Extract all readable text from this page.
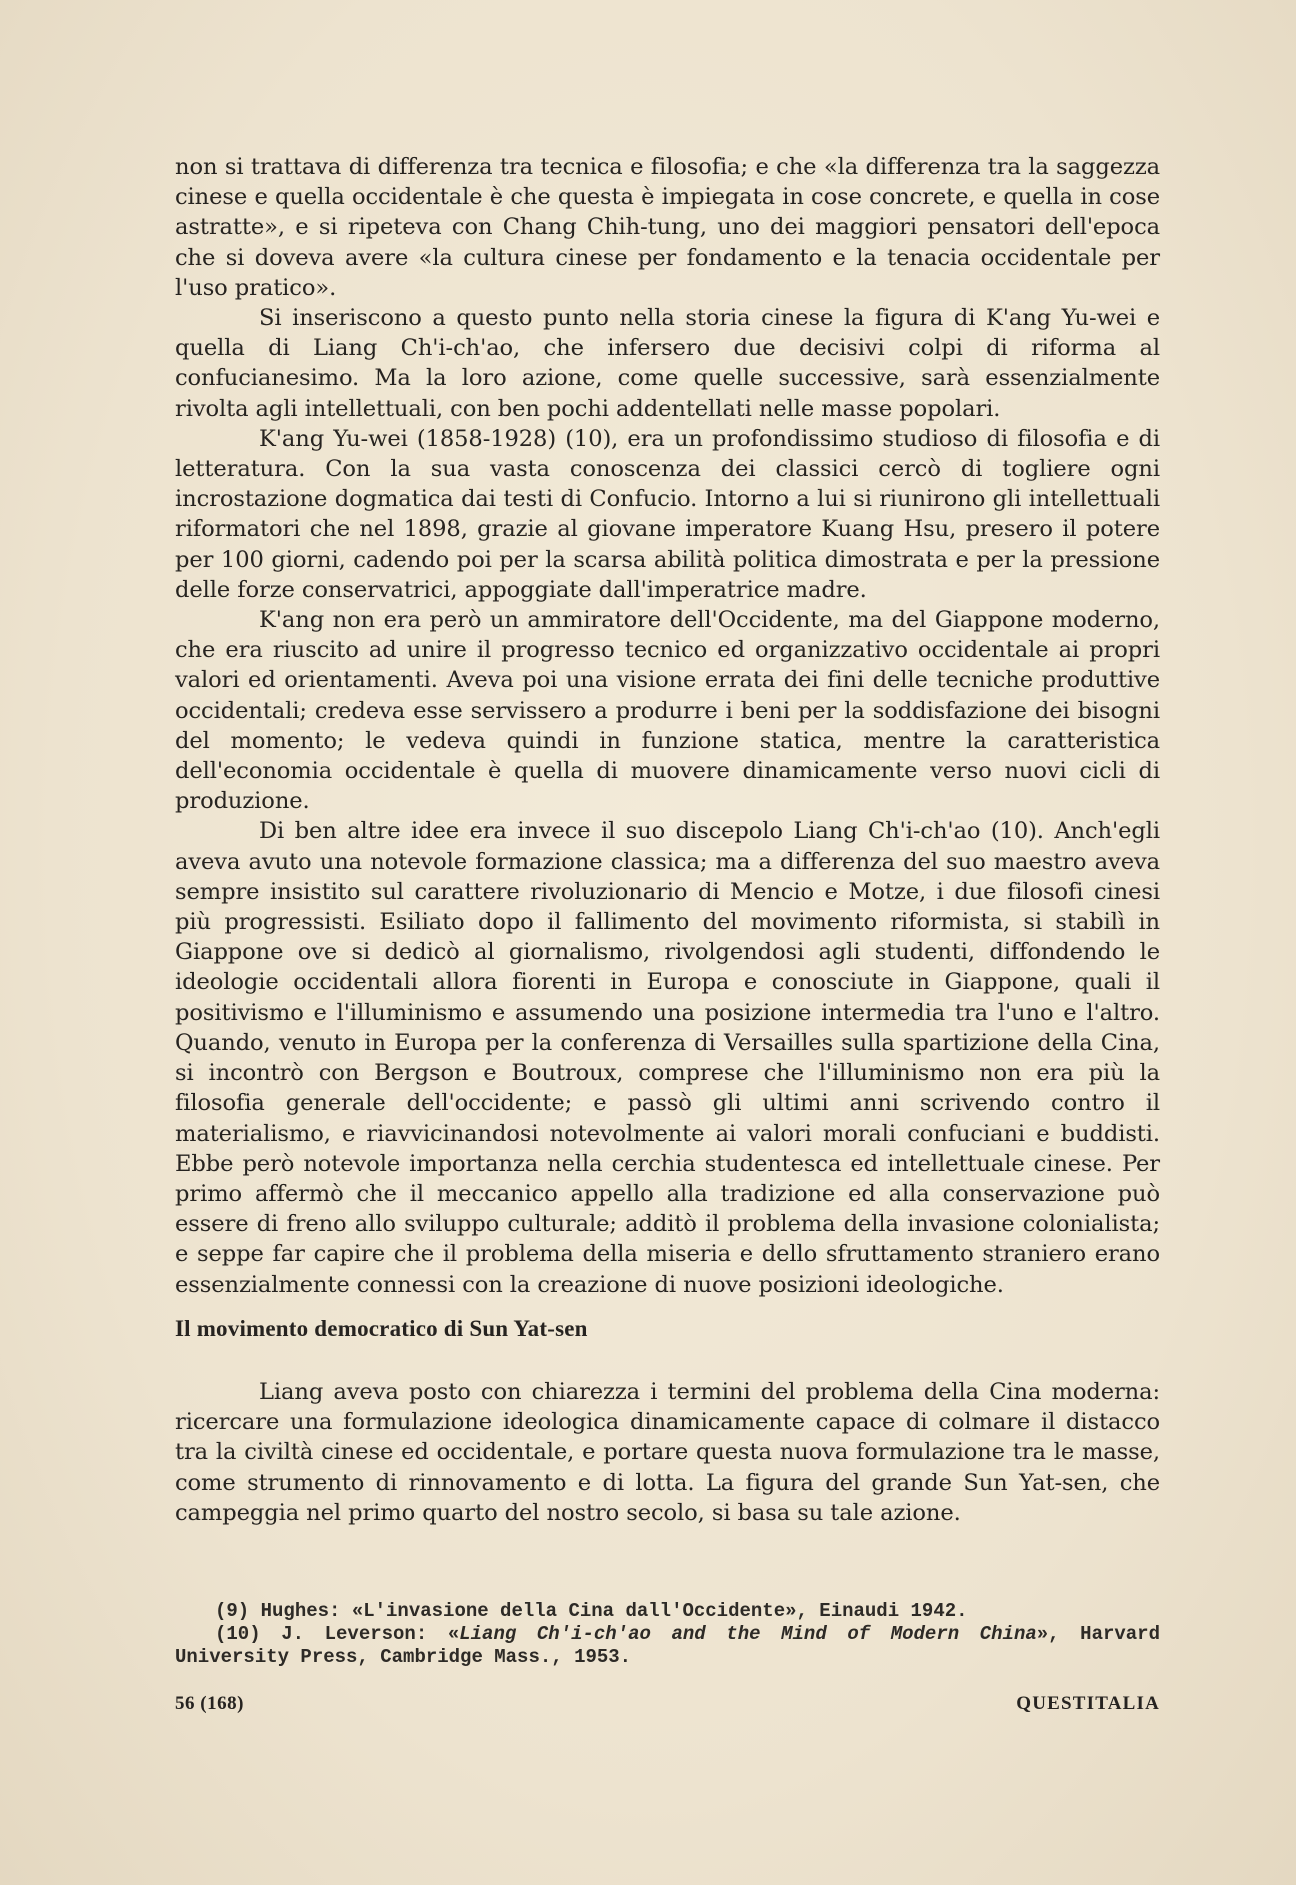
non si trattava di differenza tra tecnica e filosofia; e che «la differenza tra la saggezza cinese e quella occidentale è che questa è impiegata in cose concrete, e quella in cose astratte», e si ripeteva con Chang Chih-tung, uno dei maggiori pensatori dell'epoca che si doveva avere «la cultura cinese per fondamento e la tenacia occidentale per l'uso pratico».

Si inseriscono a questo punto nella storia cinese la figura di K'ang Yu-wei e quella di Liang Ch'i-ch'ao, che infersero due decisivi colpi di riforma al confucianesimo. Ma la loro azione, come quelle successive, sarà essenzialmente rivolta agli intellettuali, con ben pochi addentellati nelle masse popolari.

K'ang Yu-wei (1858-1928) (10), era un profondissimo studioso di filosofia e di letteratura. Con la sua vasta conoscenza dei classici cercò di togliere ogni incrostazione dogmatica dai testi di Confucio. Intorno a lui si riunirono gli intellettuali riformatori che nel 1898, grazie al giovane imperatore Kuang Hsu, presero il potere per 100 giorni, cadendo poi per la scarsa abilità politica dimostrata e per la pressione delle forze conservatrici, appoggiate dall'imperatrice madre.

K'ang non era però un ammiratore dell'Occidente, ma del Giappone moderno, che era riuscito ad unire il progresso tecnico ed organizzativo occidentale ai propri valori ed orientamenti. Aveva poi una visione errata dei fini delle tecniche produttive occidentali; credeva esse servissero a produrre i beni per la soddisfazione dei bisogni del momento; le vedeva quindi in funzione statica, mentre la caratteristica dell'economia occidentale è quella di muovere dinamicamente verso nuovi cicli di produzione.

Di ben altre idee era invece il suo discepolo Liang Ch'i-ch'ao (10). Anch'egli aveva avuto una notevole formazione classica; ma a differenza del suo maestro aveva sempre insistito sul carattere rivoluzionario di Mencio e Motze, i due filosofi cinesi più progressisti. Esiliato dopo il fallimento del movimento riformista, si stabilì in Giappone ove si dedicò al giornalismo, rivolgendosi agli studenti, diffondendo le ideologie occidentali allora fiorenti in Europa e conosciute in Giappone, quali il positivismo e l'illuminismo e assumendo una posizione intermedia tra l'uno e l'altro. Quando, venuto in Europa per la conferenza di Versailles sulla spartizione della Cina, si incontrò con Bergson e Boutroux, comprese che l'illuminismo non era più la filosofia generale dell'occidente; e passò gli ultimi anni scrivendo contro il materialismo, e riavvicinandosi notevolmente ai valori morali confuciani e buddisti. Ebbe però notevole importanza nella cerchia studentesca ed intellettuale cinese. Per primo affermò che il meccanico appello alla tradizione ed alla conservazione può essere di freno allo sviluppo culturale; additò il problema della invasione colonialista; e seppe far capire che il problema della miseria e dello sfruttamento straniero erano essenzialmente connessi con la creazione di nuove posizioni ideologiche.

Il movimento democratico di Sun Yat-sen

Liang aveva posto con chiarezza i termini del problema della Cina moderna: ricercare una formulazione ideologica dinamicamente capace di colmare il distacco tra la civiltà cinese ed occidentale, e portare questa nuova formulazione tra le masse, come strumento di rinnovamento e di lotta. La figura del grande Sun Yat-sen, che campeggia nel primo quarto del nostro secolo, si basa su tale azione.

(9) Hughes: «L'invasione della Cina dall'Occidente», Einaudi 1942.

(10) J. Leverson: «Liang Ch'i-ch'ao and the Mind of Modern China», Harvard University Press, Cambridge Mass., 1953.

56 (168)	QUESTITALIA
